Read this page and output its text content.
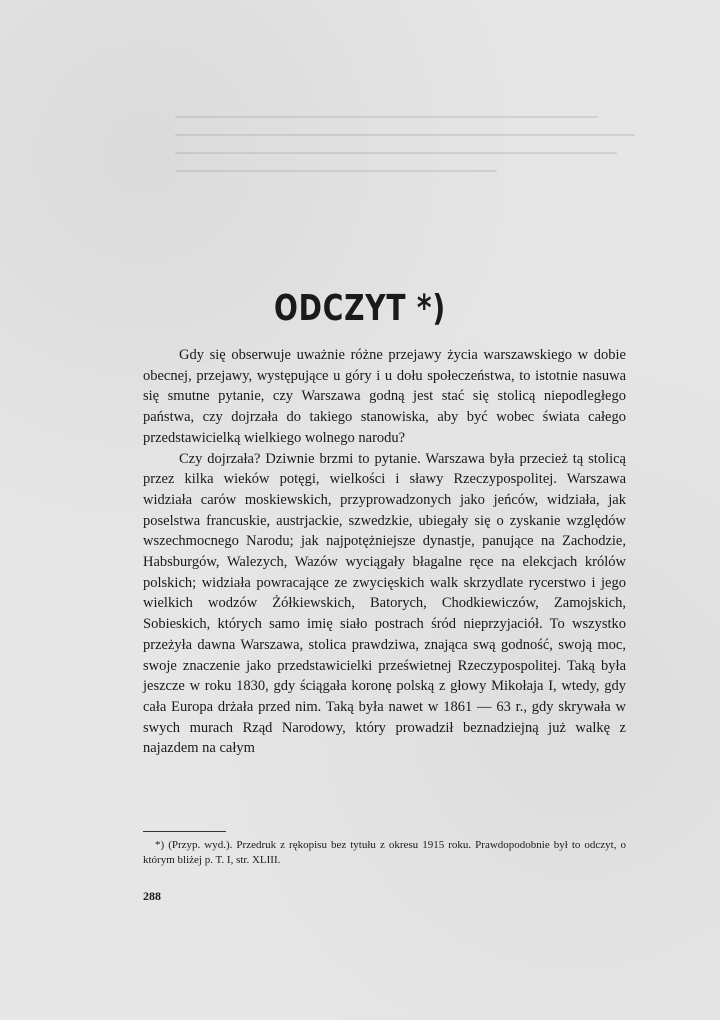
ODCZYT *)

Gdy się obserwuje uważnie różne przejawy życia warszawskiego w dobie obecnej, przejawy, występujące u góry i u dołu społeczeństwa, to istotnie nasuwa się smutne pytanie, czy Warszawa godną jest stać się stolicą niepodległego państwa, czy dojrzała do takiego stanowiska, aby być wobec świata całego przedstawicielką wielkiego wolnego narodu?

Czy dojrzała? Dziwnie brzmi to pytanie. Warszawa była przecież tą stolicą przez kilka wieków potęgi, wielkości i sławy Rzeczypospolitej. Warszawa widziała carów moskiewskich, przyprowadzonych jako jeńców, widziała, jak poselstwa francuskie, austrjackie, szwedzkie, ubiegały się o zyskanie względów wszechmocnego Narodu; jak najpotężniejsze dynastje, panujące na Zachodzie, Habsburgów, Walezych, Wazów wyciągały błagalne ręce na elekcjach królów polskich; widziała powracające ze zwycięskich walk skrzydlate rycerstwo i jego wielkich wodzów Żółkiewskich, Batorych, Chodkiewiczów, Zamojskich, Sobieskich, których samo imię siało postrach śród nieprzyjaciół. To wszystko przeżyła dawna Warszawa, stolica prawdziwa, znająca swą godność, swoją moc, swoje znaczenie jako przedstawicielki prześwietnej Rzeczypospolitej. Taką była jeszcze w roku 1830, gdy ściągała koronę polską z głowy Mikołaja I, wtedy, gdy cała Europa drżała przed nim. Taką była nawet w 1861 — 63 r., gdy skrywała w swych murach Rząd Narodowy, który prowadził beznadziejną już walkę z najazdem na całym

*) (Przyp. wyd.). Przedruk z rękopisu bez tytułu z okresu 1915 roku. Prawdopodobnie był to odczyt, o którym bliżej p. T. I, str. XLIII.

288
